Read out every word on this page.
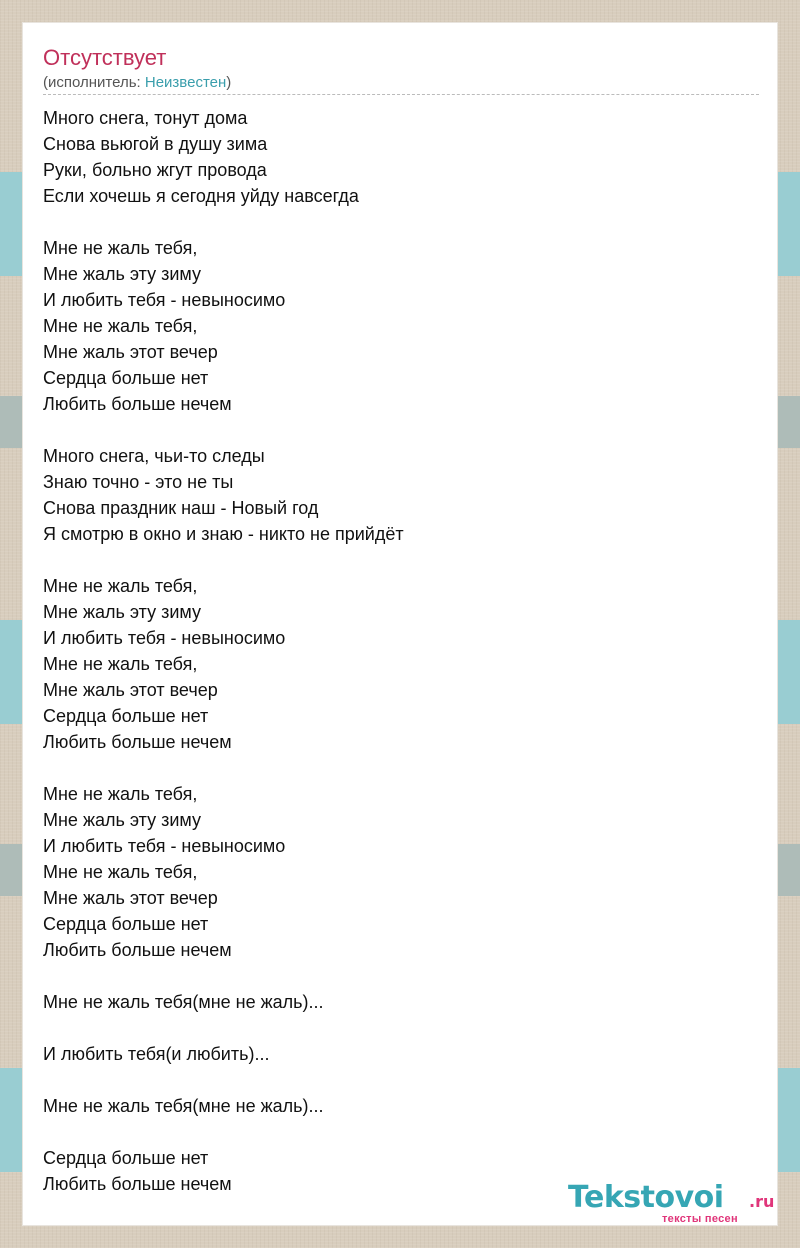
Отсутствует
(исполнитель: Неизвестен)
Много снега, тонут дома
Снова вьюгой в душу зима
Руки, больно жгут провода
Если хочешь я сегодня уйду навсегда
Мне не жаль тебя,
Мне жаль эту зиму
И любить тебя - невыносимо
Мне не жаль тебя,
Мне жаль этот вечер
Сердца больше нет
Любить больше нечем
Много снега, чьи-то следы
Знаю точно - это не ты
Снова праздник наш - Новый год
Я смотрю в окно и знаю - никто не прийдёт
Мне не жаль тебя,
Мне жаль эту зиму
И любить тебя - невыносимо
Мне не жаль тебя,
Мне жаль этот вечер
Сердца больше нет
Любить больше нечем
Мне не жаль тебя,
Мне жаль эту зиму
И любить тебя - невыносимо
Мне не жаль тебя,
Мне жаль этот вечер
Сердца больше нет
Любить больше нечем
Мне не жаль тебя(мне не жаль)...
И любить тебя(и любить)...
Мне не жаль тебя(мне не жаль)...
Сердца больше нет
Любить больше нечем	Tekstovoi .ru
тексты песен
